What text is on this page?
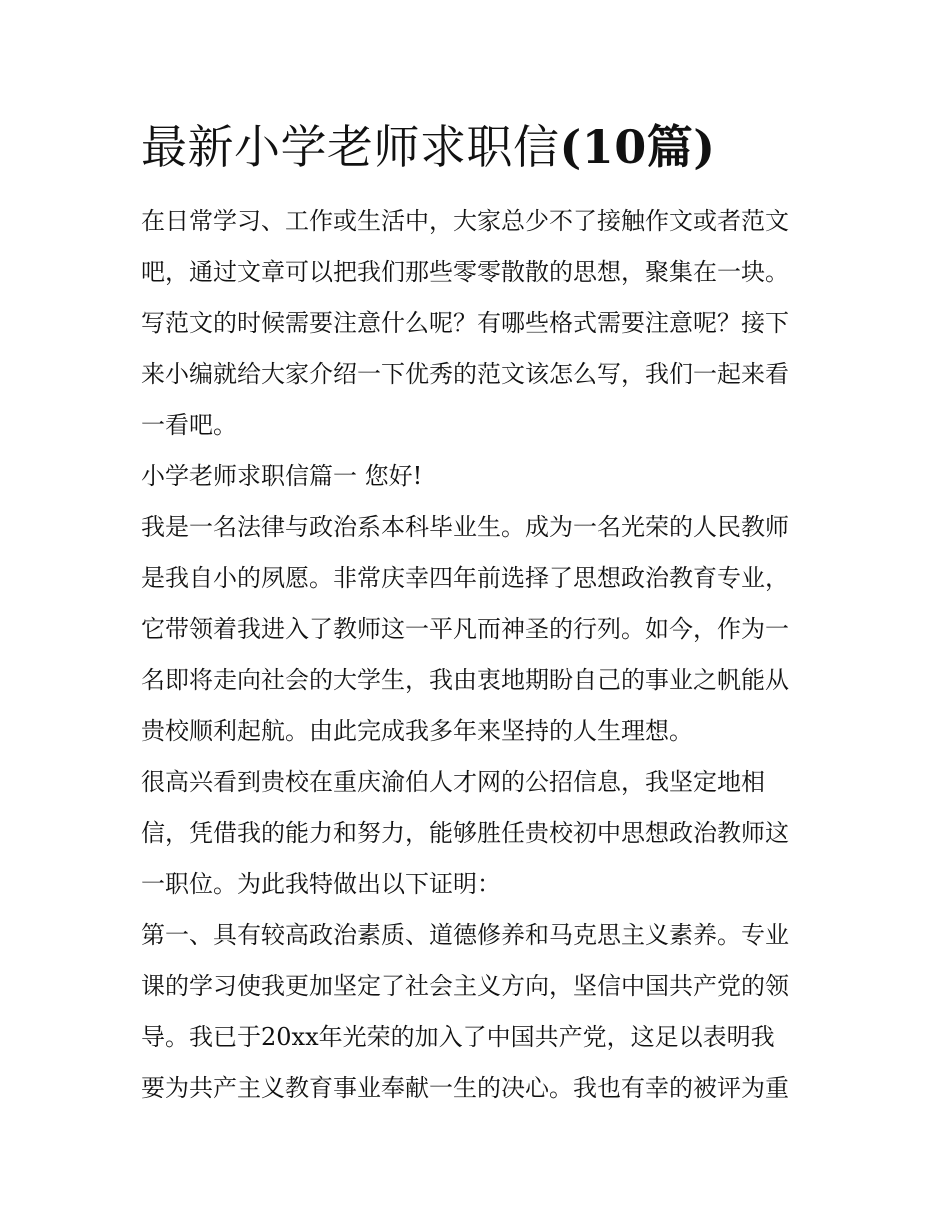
最新小学老师求职信(10篇)
在日常学习、工作或生活中，大家总少不了接触作文或者范文
吧，通过文章可以把我们那些零零散散的思想，聚集在一块。
写范文的时候需要注意什么呢？有哪些格式需要注意呢？接下
来小编就给大家介绍一下优秀的范文该怎么写，我们一起来看
一看吧。
小学老师求职信篇一 您好!
我是一名法律与政治系本科毕业生。成为一名光荣的人民教师
是我自小的夙愿。非常庆幸四年前选择了思想政治教育专业，
它带领着我进入了教师这一平凡而神圣的行列。如今，作为一
名即将走向社会的大学生，我由衷地期盼自己的事业之帆能从
贵校顺利起航。由此完成我多年来坚持的人生理想。
很高兴看到贵校在重庆渝伯人才网的公招信息，我坚定地相
信，凭借我的能力和努力，能够胜任贵校初中思想政治教师这
一职位。为此我特做出以下证明：
第一、具有较高政治素质、道德修养和马克思主义素养。专业
课的学习使我更加坚定了社会主义方向，坚信中国共产党的领
导。我已于20xx年光荣的加入了中国共产党，这足以表明我
要为共产主义教育事业奉献一生的决心。我也有幸的被评为重
